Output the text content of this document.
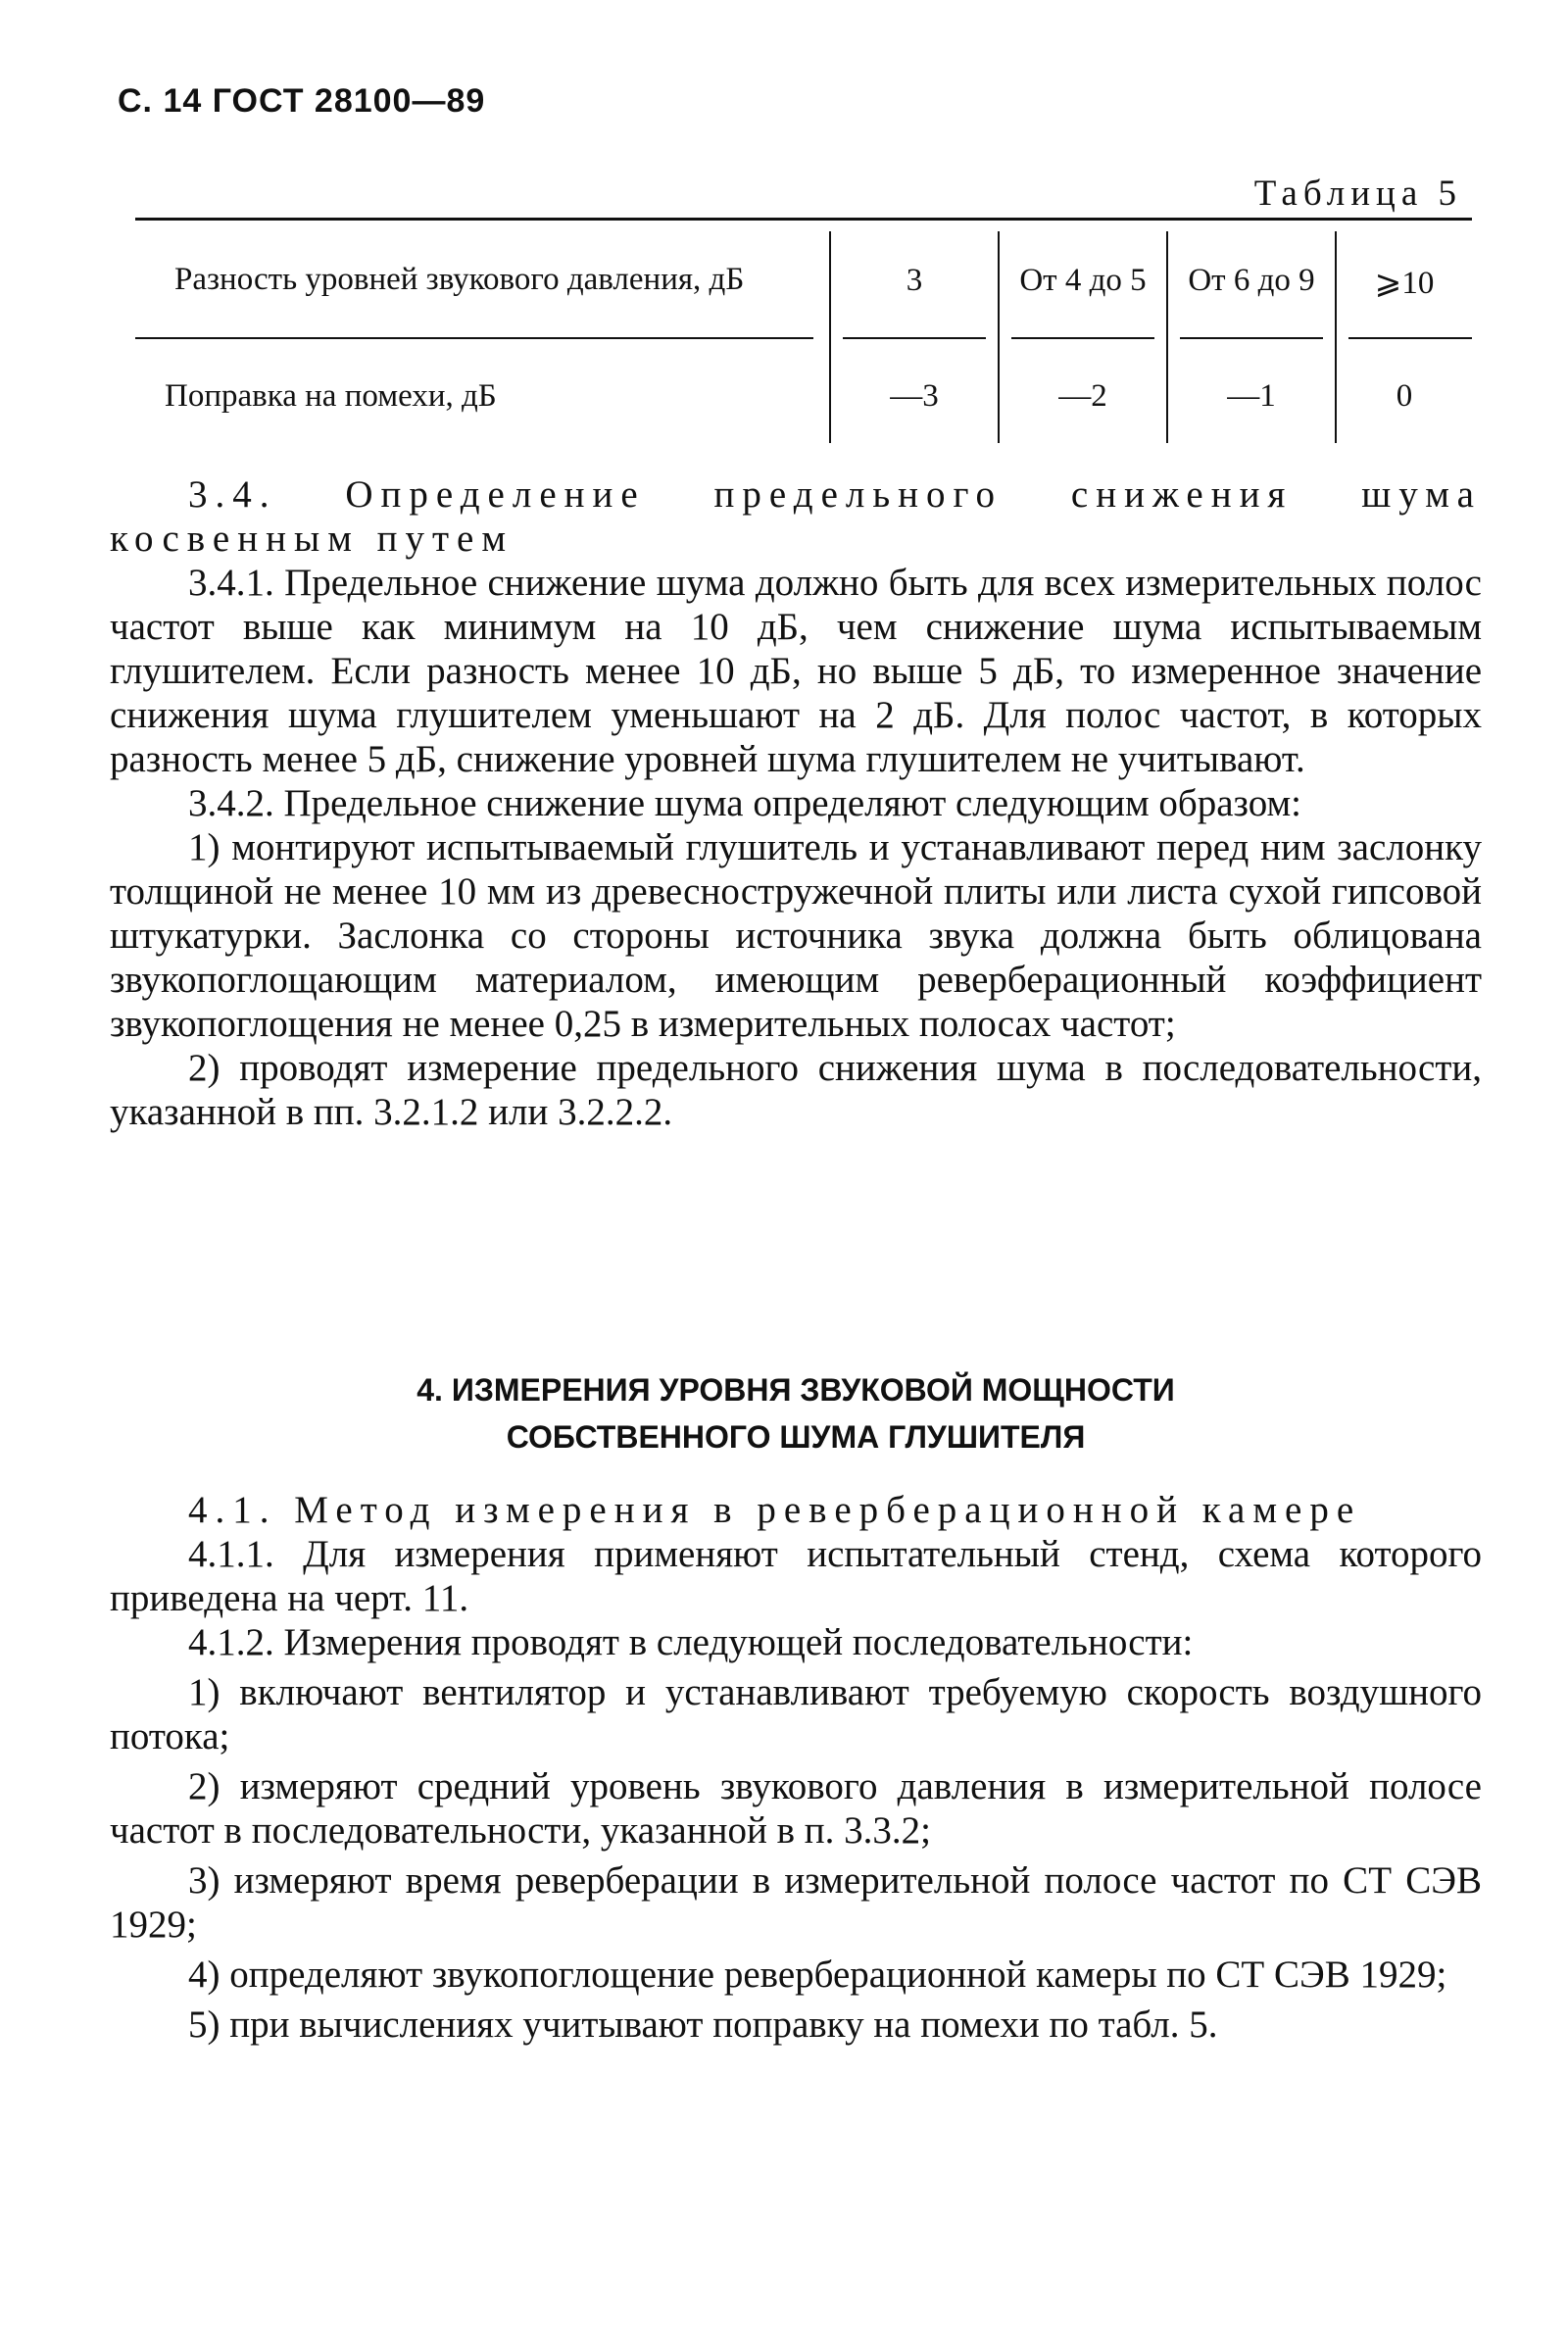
С. 14 ГОСТ 28100—89
Таблица 5
Разность уровней звукового давления, дБ	3	От 4 до 5	От 6 до 9	⩾10
Поправка на помехи, дБ	—3	—2	—1	0

3.4. Определение предельного снижения шума косвенным путем

3.4.1. Предельное снижение шума должно быть для всех измерительных полос частот выше как минимум на 10 дБ, чем снижение шума испытываемым глушителем. Если разность менее 10 дБ, но выше 5 дБ, то измеренное значение снижения шума глушителем уменьшают на 2 дБ. Для полос частот, в которых разность менее 5 дБ, снижение уровней шума глушителем не учитывают.

3.4.2. Предельное снижение шума определяют следующим образом:

1) монтируют испытываемый глушитель и устанавливают перед ним заслонку толщиной не менее 10 мм из древесностружечной плиты или листа сухой гипсовой штукатурки. Заслонка со стороны источника звука должна быть облицована звукопоглощающим материалом, имеющим реверберационный коэффициент звукопоглощения не менее 0,25 в измерительных полосах частот;

2) проводят измерение предельного снижения шума в последовательности, указанной в пп. 3.2.1.2 или 3.2.2.2.

4. ИЗМЕРЕНИЯ УРОВНЯ ЗВУКОВОЙ МОЩНОСТИ
СОБСТВЕННОГО ШУМА ГЛУШИТЕЛЯ

4.1. Метод измерения в реверберационной камере

4.1.1. Для измерения применяют испытательный стенд, схема которого приведена на черт. 11.

4.1.2. Измерения проводят в следующей последовательности:

1) включают вентилятор и устанавливают требуемую скорость воздушного потока;

2) измеряют средний уровень звукового давления в измерительной полосе частот в последовательности, указанной в п. 3.3.2;

3) измеряют время реверберации в измерительной полосе частот по СТ СЭВ 1929;

4) определяют звукопоглощение реверберационной камеры по СТ СЭВ 1929;

5) при вычислениях учитывают поправку на помехи по табл. 5.
